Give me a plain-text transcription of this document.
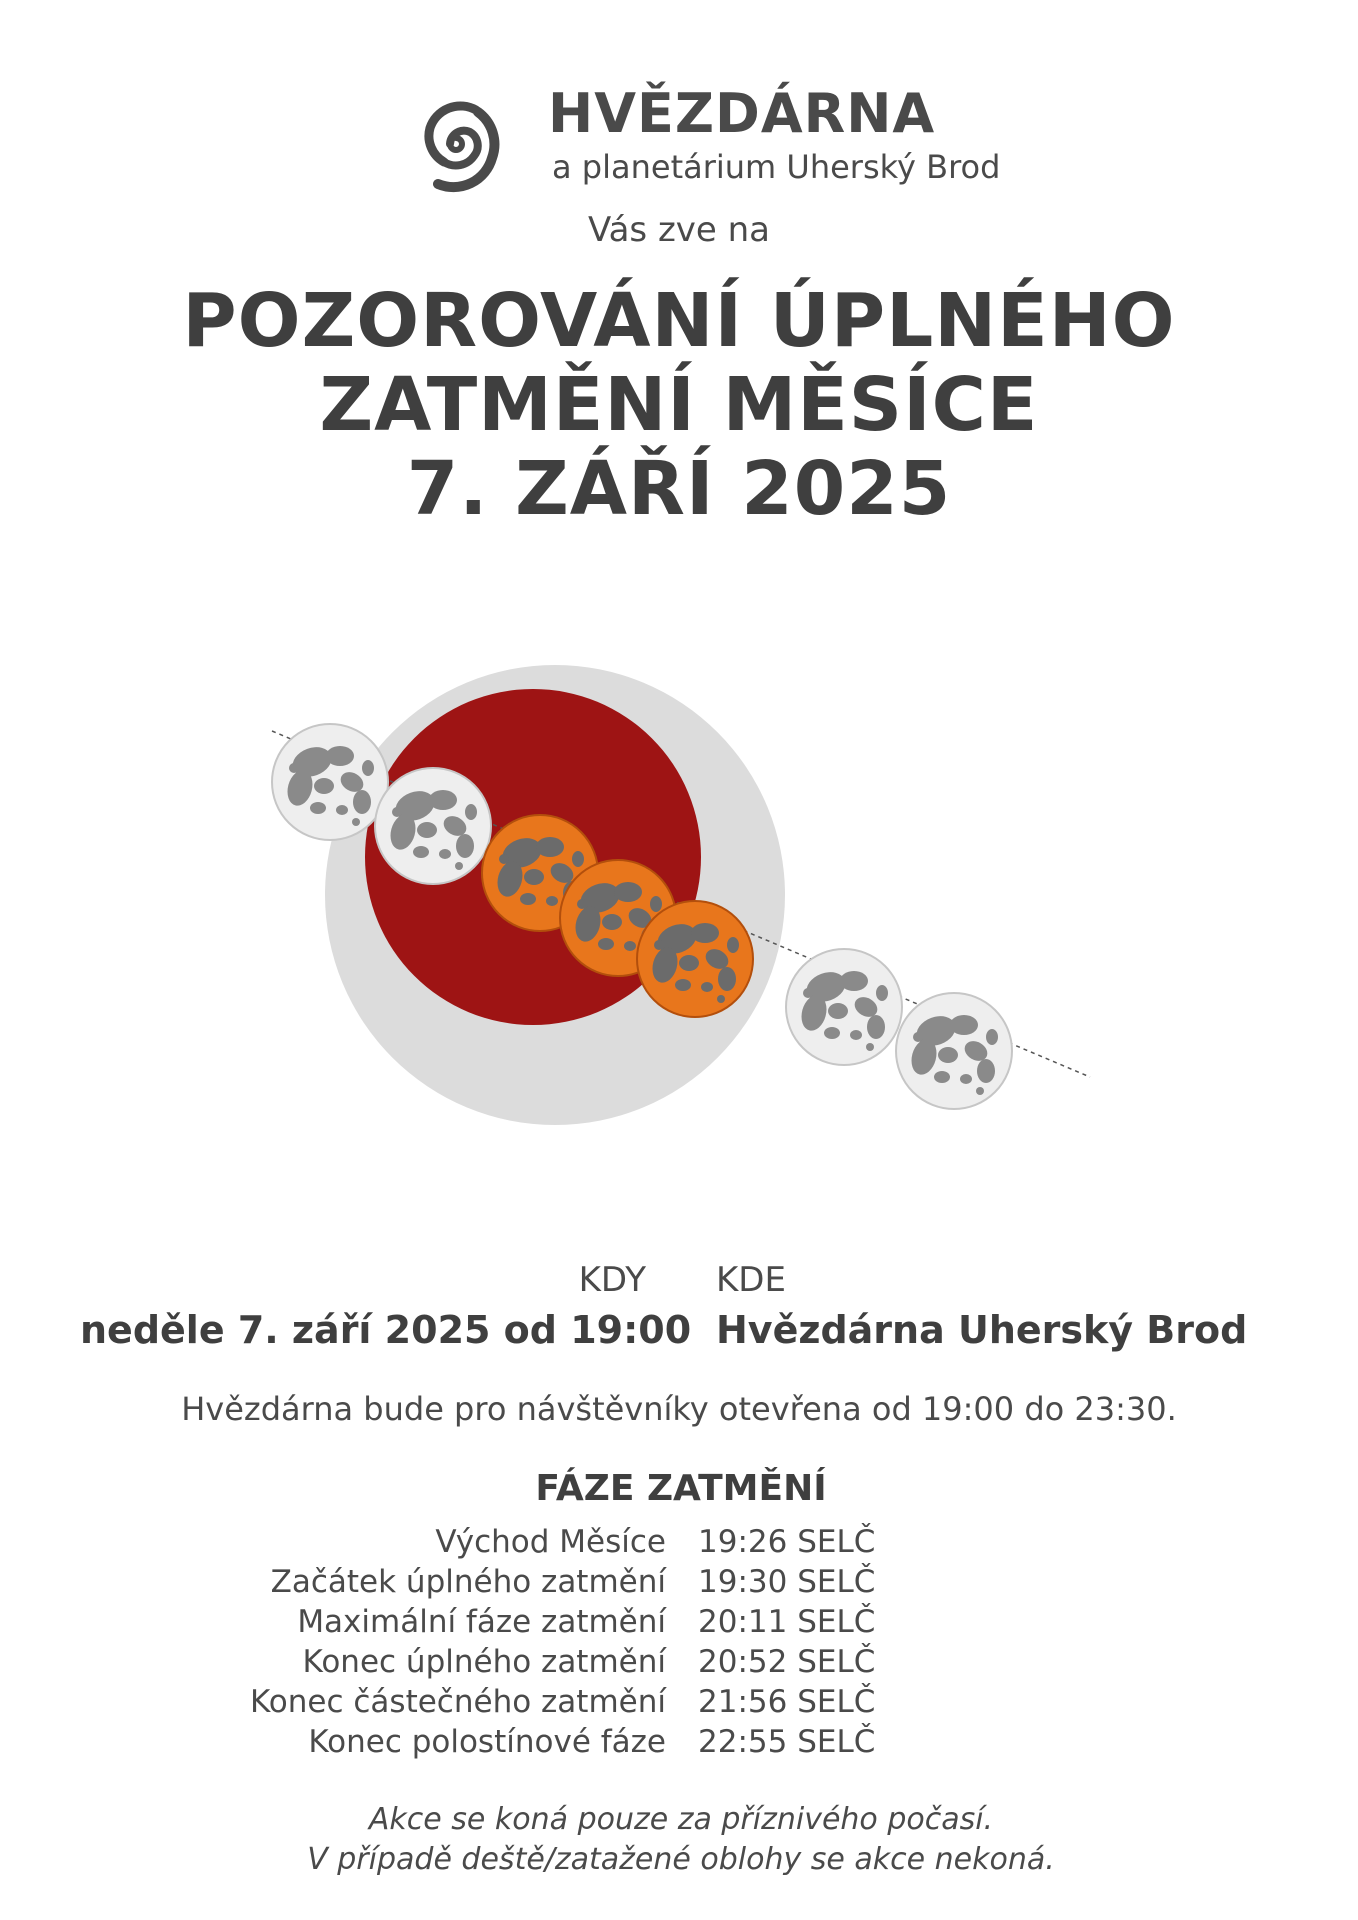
HVĚZDÁRNA
a planetárium Uherský Brod
Vás zve na
POZOROVÁNÍ ÚPLNÉHO
ZATMĚNÍ MĚSÍCE
7. ZÁŘÍ 2025
KDY
neděle 7. září 2025 od 19:00
KDE
Hvězdárna Uherský Brod
Hvězdárna bude pro návštěvníky otevřena od 19:00 do 23:30.
FÁZE ZATMĚNÍ
Východ Měsíce 19:26 SELČ
Začátek úplného zatmění 19:30 SELČ
Maximální fáze zatmění 20:11 SELČ
Konec úplného zatmění 20:52 SELČ
Konec částečného zatmění 21:56 SELČ
Konec polostínové fáze 22:55 SELČ
Akce se koná pouze za příznivého počasí.
V případě deště/zatažené oblohy se akce nekoná.
